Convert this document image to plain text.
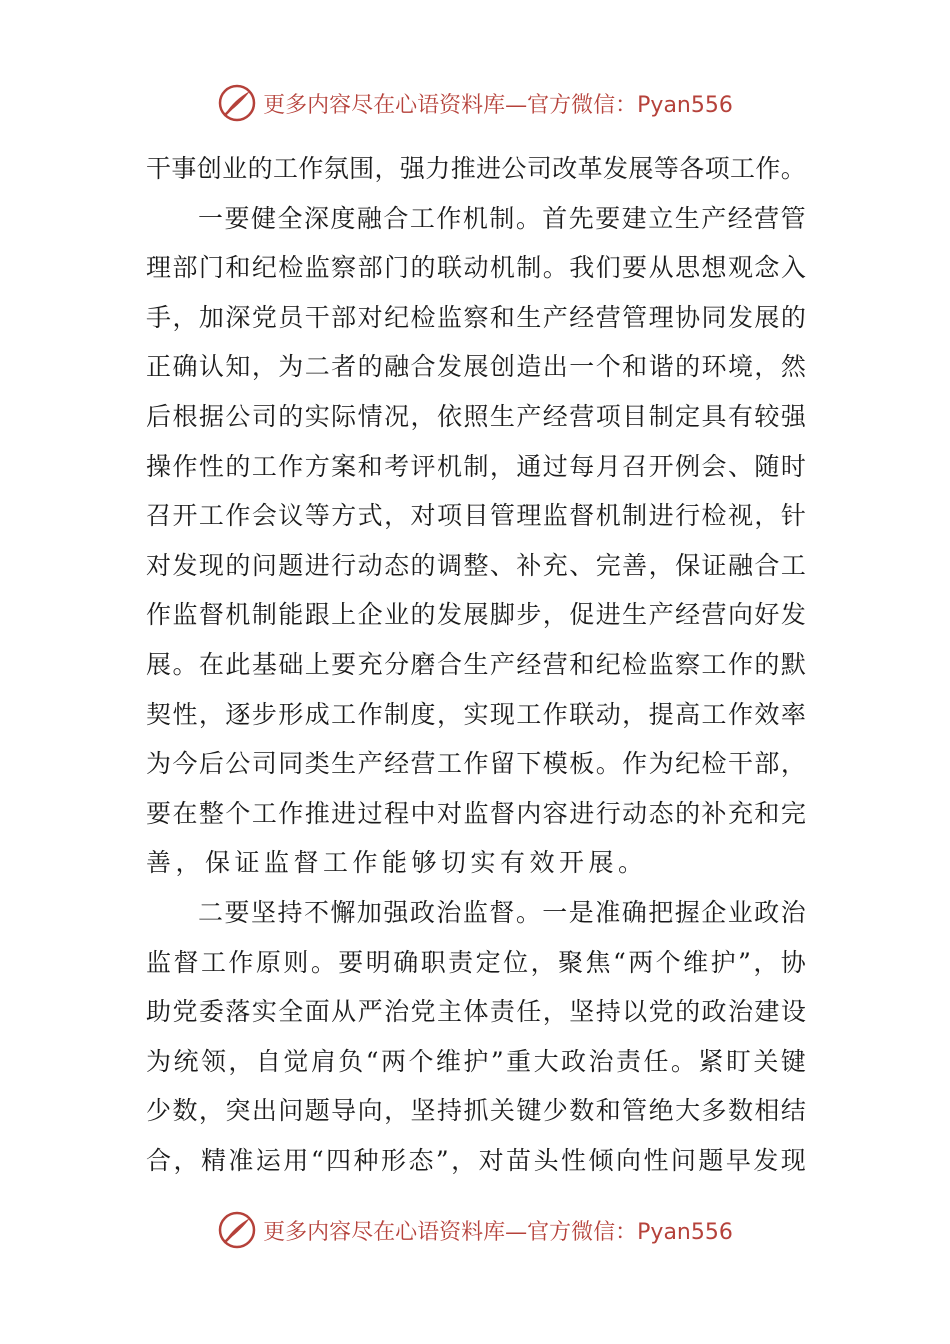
更多内容尽在心语资料库—官方微信：Pyan556
干 事 创 业 的 工 作 氛 围 ， 强 力 推 进 公 司 改 革 发 展 等 各 项 工 作 。
一 要 健 全 深 度 融 合 工 作 机 制 。 首 先 要 建 立 生 产 经 营 管
理 部 门 和 纪 检 监 察 部 门 的 联 动 机 制 。 我 们 要 从 思 想 观 念 入
手 ， 加 深 党 员 干 部 对 纪 检 监 察 和 生 产 经 营 管 理 协 同 发 展 的
正 确 认 知 ， 为 二 者 的 融 合 发 展 创 造 出 一 个 和 谐 的 环 境 ， 然
后 根 据 公 司 的 实 际 情 况 ， 依 照 生 产 经 营 项 目 制 定 具 有 较 强
操 作 性 的 工 作 方 案 和 考 评 机 制 ， 通 过 每 月 召 开 例 会 、 随 时
召 开 工 作 会 议 等 方 式 ， 对 项 目 管 理 监 督 机 制 进 行 检 视 ， 针
对 发 现 的 问 题 进 行 动 态 的 调 整 、 补 充 、 完 善 ， 保 证 融 合 工
作 监 督 机 制 能 跟 上 企 业 的 发 展 脚 步 ， 促 进 生 产 经 营 向 好 发
展 。 在 此 基 础 上 要 充 分 磨 合 生 产 经 营 和 纪 检 监 察 工 作 的 默
契 性 ， 逐 步 形 成 工 作 制 度 ， 实 现 工 作 联 动 ， 提 高 工 作 效 率
为 今 后 公 司 同 类 生 产 经 营 工 作 留 下 模 板 。 作 为 纪 检 干 部 ，
要 在 整 个 工 作 推 进 过 程 中 对 监 督 内 容 进 行 动 态 的 补 充 和 完
善，保证监督工作能够切实有效开展。
二 要 坚 持 不 懈 加 强 政 治 监 督 。 一 是 准 确 把 握 企 业 政 治
监 督 工 作 原 则 。 要 明 确 职 责 定 位 ， 聚 焦 “ 两 个 维 护 ” ， 协
助 党 委 落 实 全 面 从 严 治 党 主 体 责 任 ， 坚 持 以 党 的 政 治 建 设
为 统 领 ， 自 觉 肩 负 “ 两 个 维 护 ” 重 大 政 治 责 任 。 紧 盯 关 键
少 数 ， 突 出 问 题 导 向 ， 坚 持 抓 关 键 少 数 和 管 绝 大 多 数 相 结
合 ， 精 准 运 用 “ 四 种 形 态 ” ， 对 苗 头 性 倾 向 性 问 题 早 发 现
更多内容尽在心语资料库—官方微信：Pyan556
